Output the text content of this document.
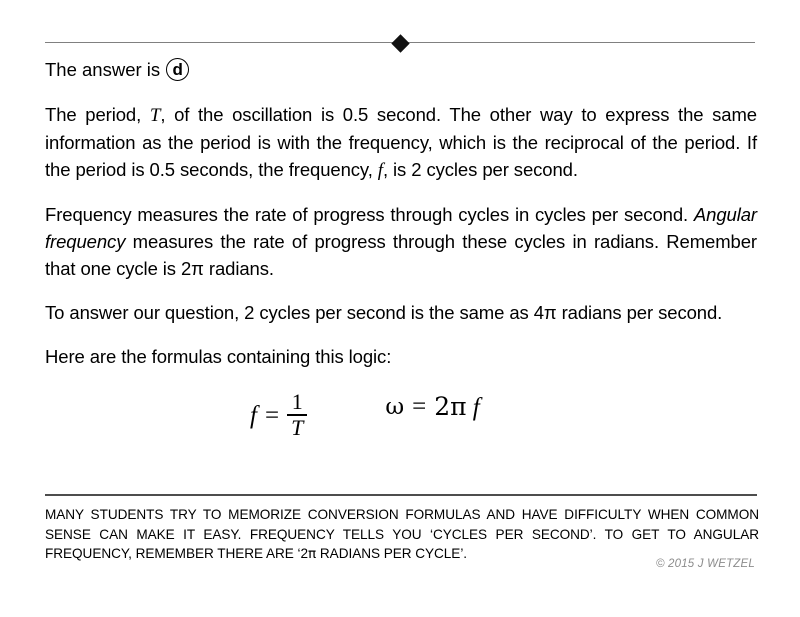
The answer is d

The period, T, of the oscillation is 0.5 second. The other way to express the same information as the period is with the frequency, which is the reciprocal of the period. If the period is 0.5 seconds, the frequency, f, is 2 cycles per second.

Frequency measures the rate of progress through cycles in cycles per second. Angular frequency measures the rate of progress through these cycles in radians. Remember that one cycle is 2π radians.

To answer our question, 2 cycles per second is the same as 4π radians per second.

Here are the formulas containing this logic:

$f = \frac{1}{T}$	ω = 2π f
MANY STUDENTS TRY TO MEMORIZE CONVERSION FORMULAS AND HAVE DIFFICULTY WHEN COMMON SENSE CAN MAKE IT EASY. FREQUENCY TELLS YOU ‘CYCLES PER SECOND’. TO GET TO ANGULAR FREQUENCY, REMEMBER THERE ARE ‘2π RADIANS PER CYCLE’.
© 2015 J WETZEL
